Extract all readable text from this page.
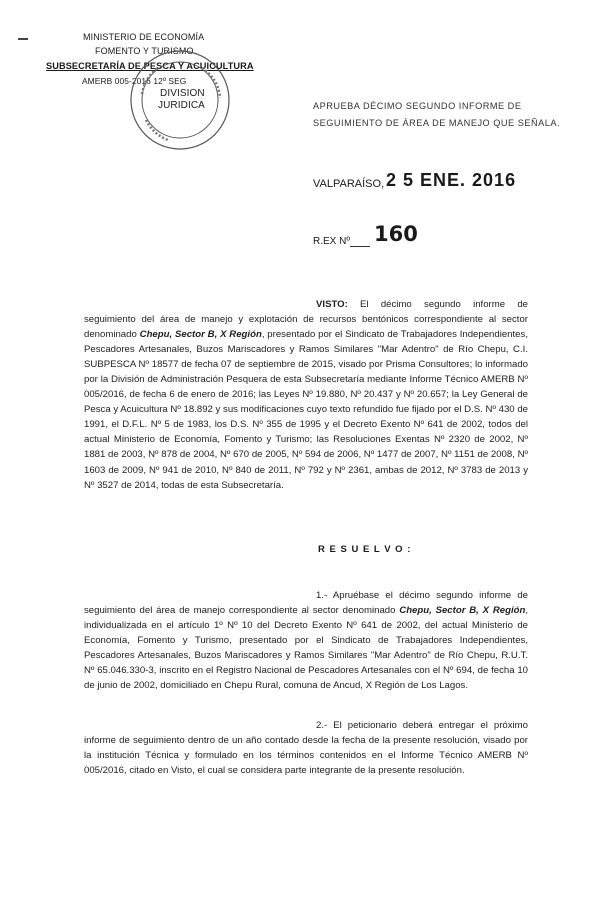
MINISTERIO DE ECONOMÍA
FOMENTO Y TURISMO
SUBSECRETARÍA DE PESCA Y ACUICULTURA
AMERB 005-2016 12º SEG
DIVISION
JURIDICA	APRUEBA DÉCIMO SEGUNDO INFORME DE
SEGUIMIENTO DE ÁREA DE MANEJO QUE SEÑALA.
VALPARAÍSO, 2 5 ENE. 2016
R.EX Nº 160
VISTO: El décimo segundo informe de seguimiento del área de manejo y explotación de recursos bentónicos correspondiente al sector denominado Chepu, Sector B, X Región, presentado por el Sindicato de Trabajadores Independientes, Pescadores Artesanales, Buzos Mariscadores y Ramos Similares "Mar Adentro" de Río Chepu, C.I. SUBPESCA Nº 18577 de fecha 07 de septiembre de 2015, visado por Prisma Consultores; lo informado por la División de Administración Pesquera de esta Subsecretaría mediante Informe Técnico AMERB Nº 005/2016, de fecha 6 de enero de 2016; las Leyes Nº 19.880, Nº 20.437 y Nº 20.657; la Ley General de Pesca y Acuicultura Nº 18.892 y sus modificaciones cuyo texto refundido fue fijado por el D.S. Nº 430 de 1991, el D.F.L. Nº 5 de 1983, los D.S. Nº 355 de 1995 y el Decreto Exento Nº 641 de 2002, todos del actual Ministerio de Economía, Fomento y Turismo; las Resoluciones Exentas Nº 2320 de 2002, Nº 1881 de 2003, Nº 878 de 2004, Nº 670 de 2005, Nº 594 de 2006, Nº 1477 de 2007, Nº 1151 de 2008, Nº 1603 de 2009, Nº 941 de 2010, Nº 840 de 2011, Nº 792 y Nº 2361, ambas de 2012, Nº 3783 de 2013 y Nº 3527 de 2014, todas de esta Subsecretaría.
R E S U E L V O :
1.- Apruébase el décimo segundo informe de seguimiento del área de manejo correspondiente al sector denominado Chepu, Sector B, X Región, individualizada en el artículo 1º Nº 10 del Decreto Exento Nº 641 de 2002, del actual Ministerio de Economía, Fomento y Turismo, presentado por el Sindicato de Trabajadores Independientes, Pescadores Artesanales, Buzos Mariscadores y Ramos Similares "Mar Adentro" de Río Chepu, R.U.T. Nº 65.046.330-3, inscrito en el Registro Nacional de Pescadores Artesanales con el Nº 694, de fecha 10 de junio de 2002, domiciliado en Chepu Rural, comuna de Ancud, X Región de Los Lagos.
2.- El peticionario deberá entregar el próximo informe de seguimiento dentro de un año contado desde la fecha de la presente resolución, visado por la institución Técnica y formulado en los términos contenidos en el Informe Técnico AMERB Nº 005/2016, citado en Visto, el cual se considera parte integrante de la presente resolución.
